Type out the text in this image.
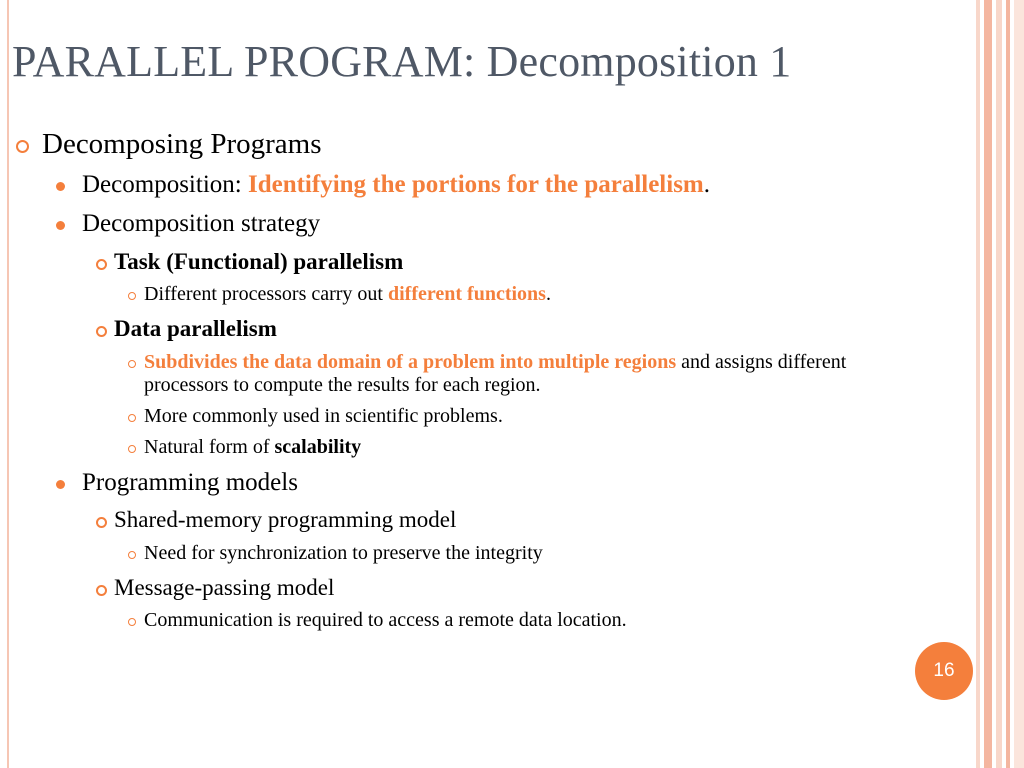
PARALLEL PROGRAM: Decomposition 1
Decomposing Programs
Decomposition: Identifying the portions for the parallelism.
Decomposition strategy
Task (Functional) parallelism
Different processors carry out different functions.
Data parallelism
Subdivides the data domain of a problem into multiple regions and assigns different processors to compute the results for each region.
More commonly used in scientific problems.
Natural form of scalability
Programming models
Shared-memory programming model
Need for synchronization to preserve the integrity
Message-passing model
Communication is required to access a remote data location.
16
